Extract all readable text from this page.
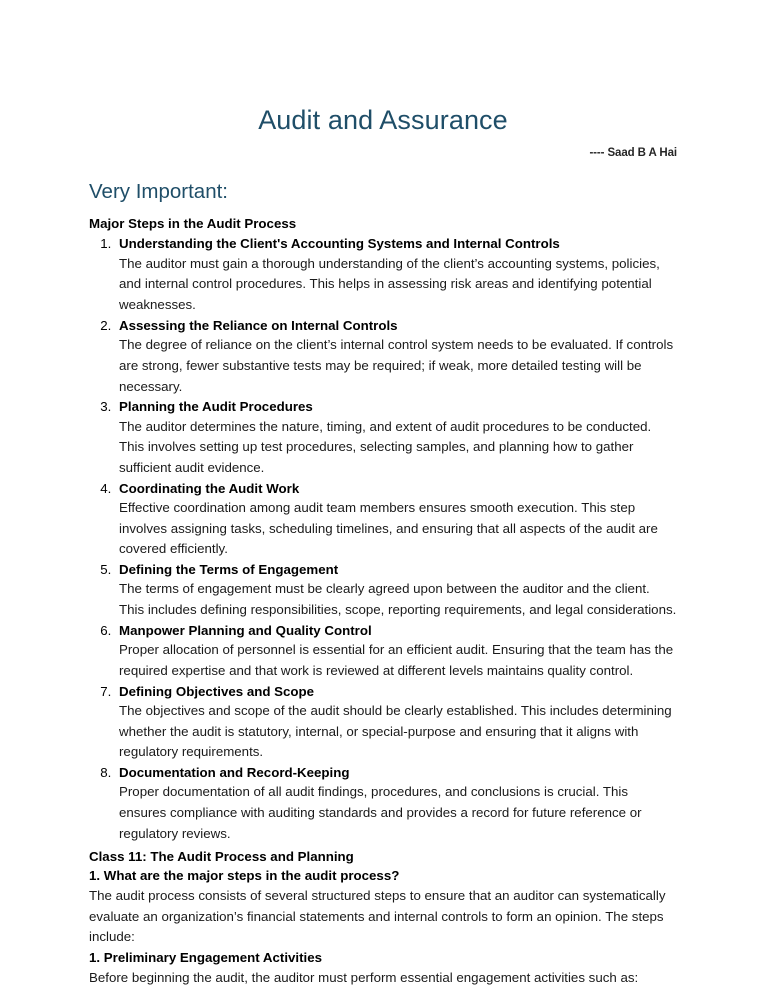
Audit and Assurance
---- Saad B A Hai
Very Important:
Major Steps in the Audit Process
1. Understanding the Client's Accounting Systems and Internal Controls
The auditor must gain a thorough understanding of the client’s accounting systems, policies, and internal control procedures. This helps in assessing risk areas and identifying potential weaknesses.
2. Assessing the Reliance on Internal Controls
The degree of reliance on the client’s internal control system needs to be evaluated. If controls are strong, fewer substantive tests may be required; if weak, more detailed testing will be necessary.
3. Planning the Audit Procedures
The auditor determines the nature, timing, and extent of audit procedures to be conducted. This involves setting up test procedures, selecting samples, and planning how to gather sufficient audit evidence.
4. Coordinating the Audit Work
Effective coordination among audit team members ensures smooth execution. This step involves assigning tasks, scheduling timelines, and ensuring that all aspects of the audit are covered efficiently.
5. Defining the Terms of Engagement
The terms of engagement must be clearly agreed upon between the auditor and the client. This includes defining responsibilities, scope, reporting requirements, and legal considerations.
6. Manpower Planning and Quality Control
Proper allocation of personnel is essential for an efficient audit. Ensuring that the team has the required expertise and that work is reviewed at different levels maintains quality control.
7. Defining Objectives and Scope
The objectives and scope of the audit should be clearly established. This includes determining whether the audit is statutory, internal, or special-purpose and ensuring that it aligns with regulatory requirements.
8. Documentation and Record-Keeping
Proper documentation of all audit findings, procedures, and conclusions is crucial. This ensures compliance with auditing standards and provides a record for future reference or regulatory reviews.

Class 11: The Audit Process and Planning

1. What are the major steps in the audit process?

The audit process consists of several structured steps to ensure that an auditor can systematically evaluate an organization’s financial statements and internal controls to form an opinion. The steps include:

1. Preliminary Engagement Activities

Before beginning the audit, the auditor must perform essential engagement activities such as:
